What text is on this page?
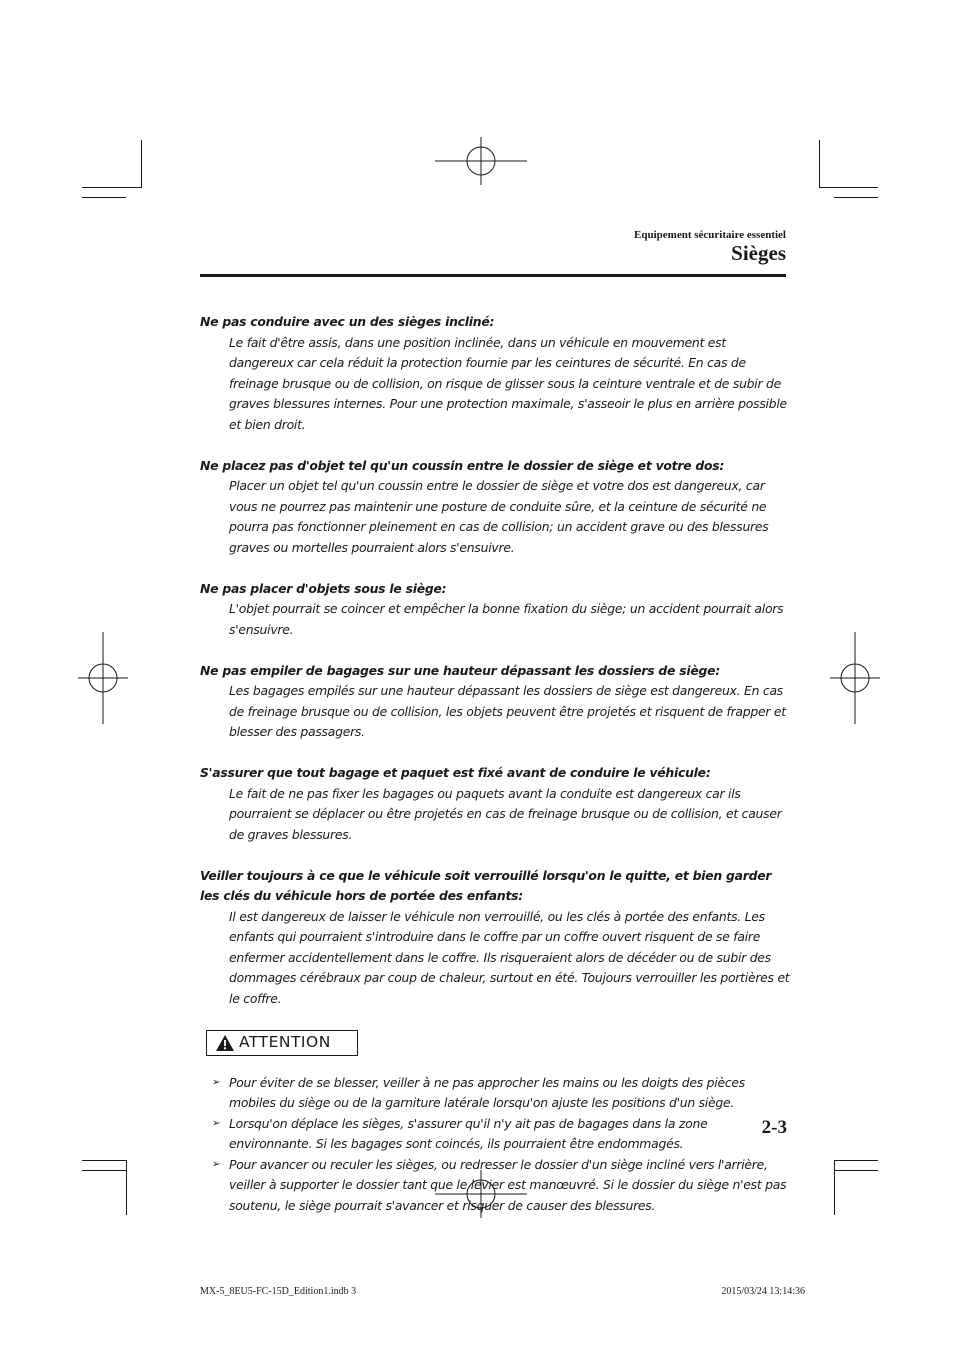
Equipement sécuritaire essentiel
Sièges
Ne pas conduire avec un des sièges incliné:
Le fait d'être assis, dans une position inclinée, dans un véhicule en mouvement est dangereux car cela réduit la protection fournie par les ceintures de sécurité. En cas de freinage brusque ou de collision, on risque de glisser sous la ceinture ventrale et de subir de graves blessures internes. Pour une protection maximale, s'asseoir le plus en arrière possible et bien droit.
Ne placez pas d'objet tel qu'un coussin entre le dossier de siège et votre dos:
Placer un objet tel qu'un coussin entre le dossier de siège et votre dos est dangereux, car vous ne pourrez pas maintenir une posture de conduite sûre, et la ceinture de sécurité ne pourra pas fonctionner pleinement en cas de collision; un accident grave ou des blessures graves ou mortelles pourraient alors s'ensuivre.
Ne pas placer d'objets sous le siège:
L'objet pourrait se coincer et empêcher la bonne fixation du siège; un accident pourrait alors s'ensuivre.
Ne pas empiler de bagages sur une hauteur dépassant les dossiers de siège:
Les bagages empilés sur une hauteur dépassant les dossiers de siège est dangereux. En cas de freinage brusque ou de collision, les objets peuvent être projetés et risquent de frapper et blesser des passagers.
S'assurer que tout bagage et paquet est fixé avant de conduire le véhicule:
Le fait de ne pas fixer les bagages ou paquets avant la conduite est dangereux car ils pourraient se déplacer ou être projetés en cas de freinage brusque ou de collision, et causer de graves blessures.
Veiller toujours à ce que le véhicule soit verrouillé lorsqu'on le quitte, et bien garder les clés du véhicule hors de portée des enfants:
Il est dangereux de laisser le véhicule non verrouillé, ou les clés à portée des enfants. Les enfants qui pourraient s'introduire dans le coffre par un coffre ouvert risquent de se faire enfermer accidentellement dans le coffre. Ils risqueraient alors de décéder ou de subir des dommages cérébraux par coup de chaleur, surtout en été. Toujours verrouiller les portières et le coffre.
ATTENTION
➢ Pour éviter de se blesser, veiller à ne pas approcher les mains ou les doigts des pièces mobiles du siège ou de la garniture latérale lorsqu'on ajuste les positions d'un siège.
➢ Lorsqu'on déplace les sièges, s'assurer qu'il n'y ait pas de bagages dans la zone environnante. Si les bagages sont coincés, ils pourraient être endommagés.
➢ Pour avancer ou reculer les sièges, ou redresser le dossier d'un siège incliné vers l'arrière, veiller à supporter le dossier tant que le levier est manœuvré. Si le dossier du siège n'est pas soutenu, le siège pourrait s'avancer et risquer de causer des blessures.
2-3
MX-5_8EU5-FC-15D_Edition1.indb 3	2015/03/24 13:14:36
